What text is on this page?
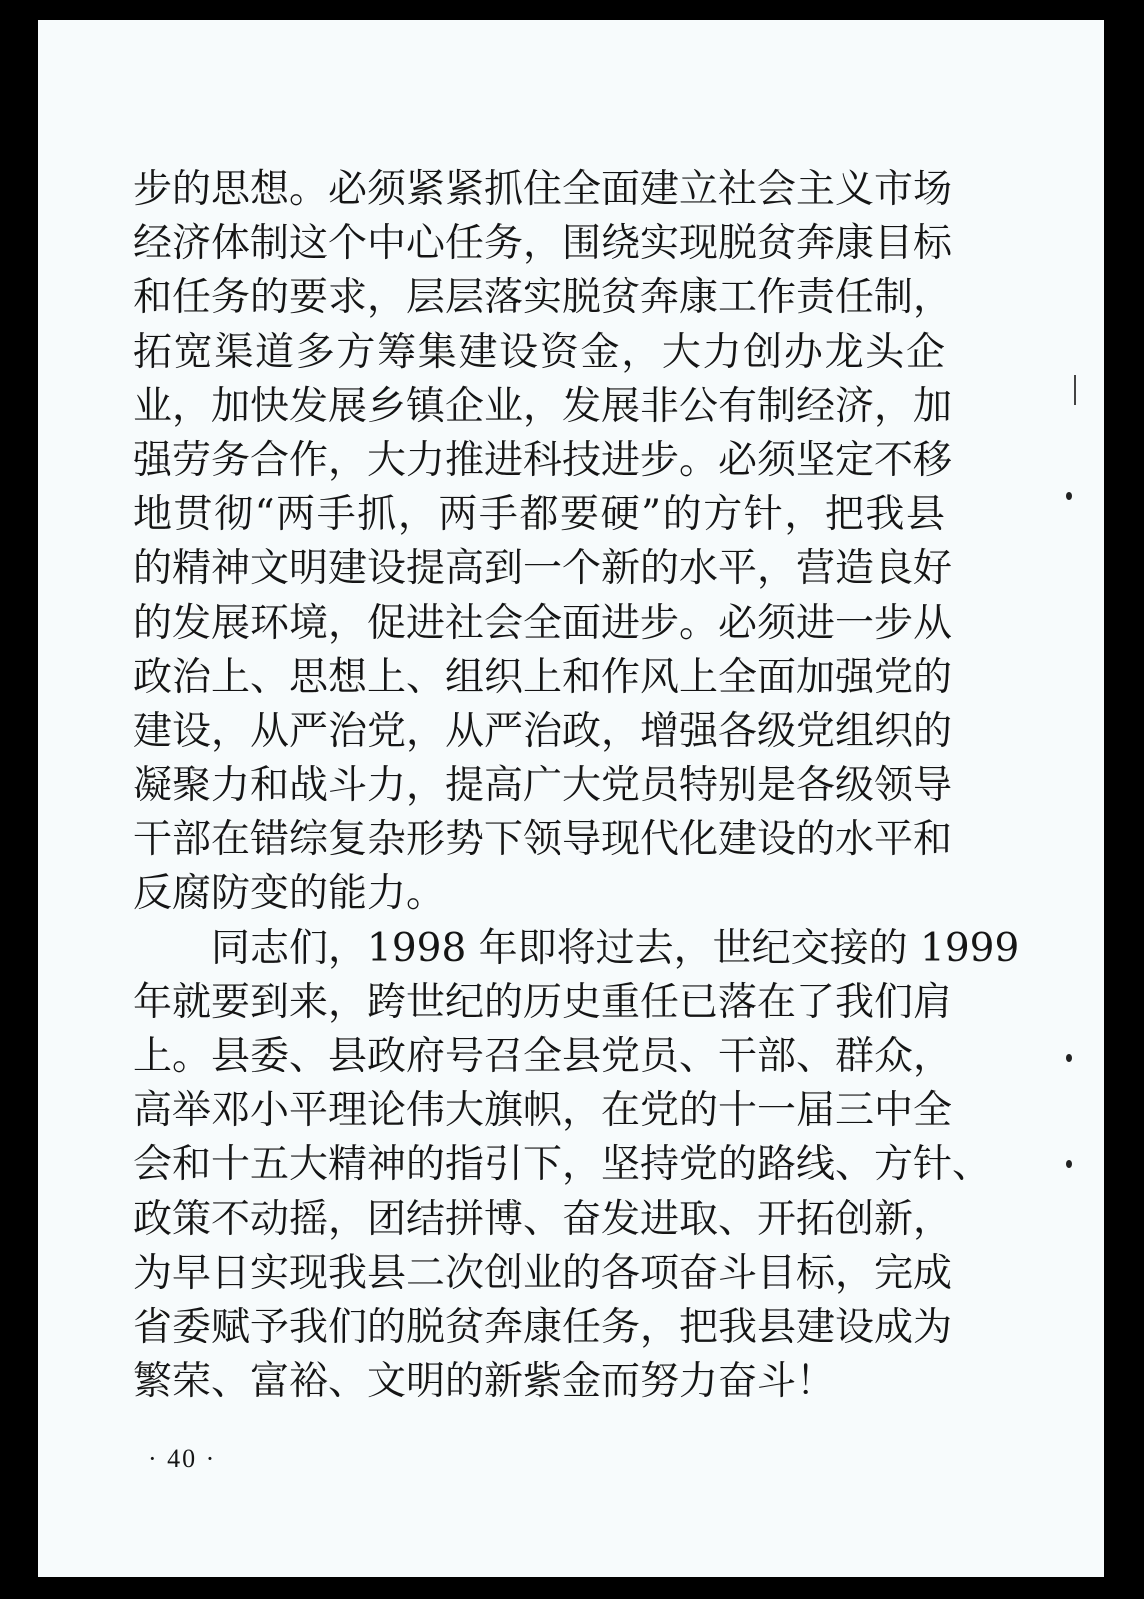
步的思想。必须紧紧抓住全面建立社会主义市场
经济体制这个中心任务，围绕实现脱贫奔康目标
和任务的要求，层层落实脱贫奔康工作责任制，
拓宽渠道多方筹集建设资金，大力创办龙头企
业，加快发展乡镇企业，发展非公有制经济，加
强劳务合作，大力推进科技进步。必须坚定不移
地贯彻“两手抓，两手都要硬”的方针，把我县
的精神文明建设提高到一个新的水平，营造良好
的发展环境，促进社会全面进步。必须进一步从
政治上、思想上、组织上和作风上全面加强党的
建设，从严治党，从严治政，增强各级党组织的
凝聚力和战斗力，提高广大党员特别是各级领导
干部在错综复杂形势下领导现代化建设的水平和
反腐防变的能力。
同志们，1998 年即将过去，世纪交接的 1999
年就要到来，跨世纪的历史重任已落在了我们肩
上。县委、县政府号召全县党员、干部、群众，
高举邓小平理论伟大旗帜，在党的十一届三中全
会和十五大精神的指引下，坚持党的路线、方针、
政策不动摇，团结拼博、奋发进取、开拓创新，
为早日实现我县二次创业的各项奋斗目标，完成
省委赋予我们的脱贫奔康任务，把我县建设成为
繁荣、富裕、文明的新紫金而努力奋斗！
· 40 ·
